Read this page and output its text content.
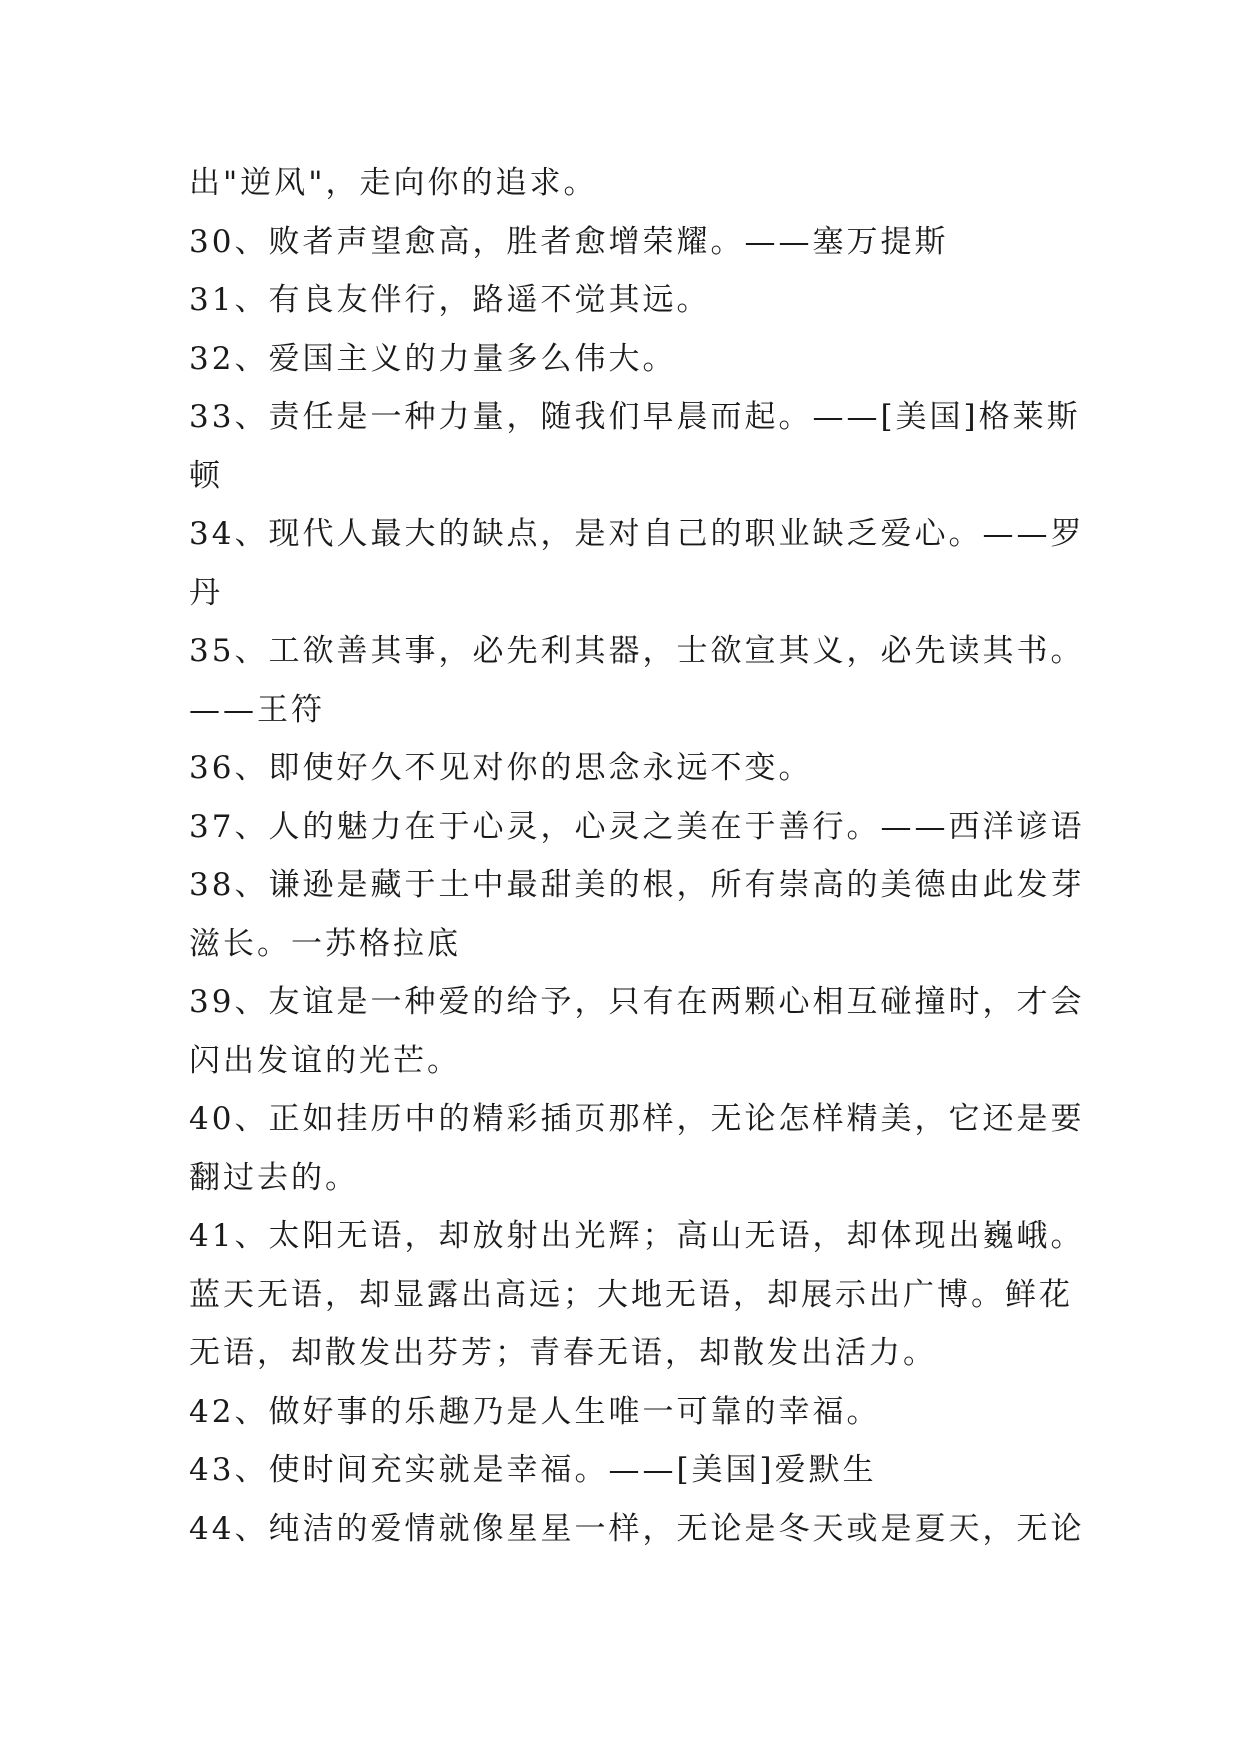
出"逆风"，走向你的追求。
30、败者声望愈高，胜者愈增荣耀。——塞万提斯
31、有良友伴行，路遥不觉其远。
32、爱国主义的力量多么伟大。
33、责任是一种力量，随我们早晨而起。——[美国]格莱斯
顿
34、现代人最大的缺点，是对自己的职业缺乏爱心。——罗
丹
35、工欲善其事，必先利其器，士欲宣其义，必先读其书。
——王符
36、即使好久不见对你的思念永远不变。
37、人的魅力在于心灵，心灵之美在于善行。——西洋谚语
38、谦逊是藏于土中最甜美的根，所有崇高的美德由此发芽
滋长。一苏格拉底
39、友谊是一种爱的给予，只有在两颗心相互碰撞时，才会
闪出发谊的光芒。
40、正如挂历中的精彩插页那样，无论怎样精美，它还是要
翻过去的。
41、太阳无语，却放射出光辉；高山无语，却体现出巍峨。
蓝天无语，却显露出高远；大地无语，却展示出广博。鲜花
无语，却散发出芬芳；青春无语，却散发出活力。
42、做好事的乐趣乃是人生唯一可靠的幸福。
43、使时间充实就是幸福。——[美国]爱默生
44、纯洁的爱情就像星星一样，无论是冬天或是夏天，无论
